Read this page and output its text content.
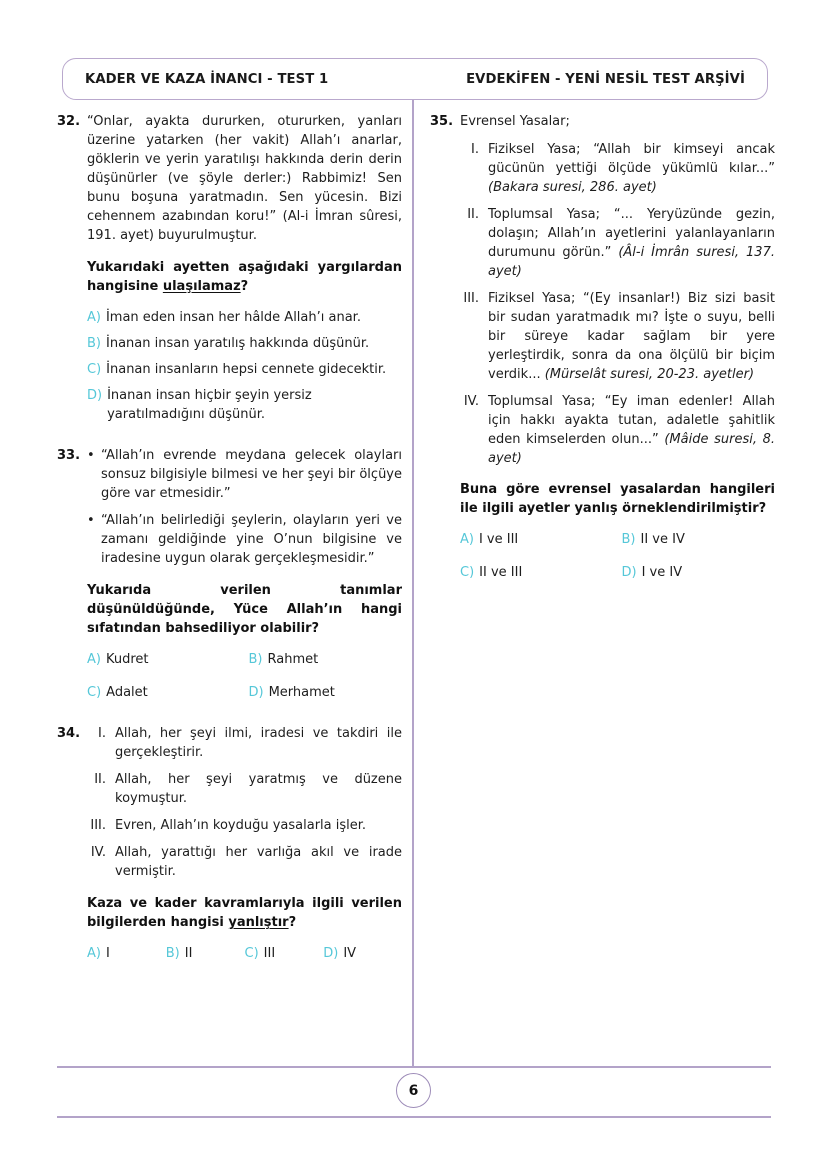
KADER VE KAZA İNANCI - TEST 1	EVDEKİFEN - YENİ NESİL TEST ARŞİVİ
32. “Onlar, ayakta dururken, otururken, yanları üzerine yatarken (her vakit) Allah’ı anarlar, göklerin ve yerin yaratılışı hakkında derin derin düşünürler (ve şöyle derler:) Rabbimiz! Sen bunu boşuna yaratmadın. Sen yücesin. Bizi cehennem azabından koru!” (Al-i İmran sûresi, 191. ayet) buyurulmuştur.

Yukarıdaki ayetten aşağıdaki yargılardan hangisine ulaşılamaz?

A) İman eden insan her hâlde Allah’ı anar.
B) İnanan insan yaratılış hakkında düşünür.
C) İnanan insanların hepsi cennete gidecektir.
D) İnanan insan hiçbir şeyin yersiz yaratılmadığını düşünür.
33. • “Allah’ın evrende meydana gelecek olayları sonsuz bilgisiyle bilmesi ve her şeyi bir ölçüye göre var etmesidir.”
• “Allah’ın belirlediği şeylerin, olayların yeri ve zamanı geldiğinde yine O’nun bilgisine ve iradesine uygun olarak gerçekleşmesidir.”

Yukarıda verilen tanımlar düşünüldüğünde, Yüce Allah’ın hangi sıfatından bahsediliyor olabilir?

A) Kudret	B) Rahmet
C) Adalet	D) Merhamet
34.	I. Allah, her şeyi ilmi, iradesi ve takdiri ile gerçekleştirir.
II. Allah, her şeyi yaratmış ve düzene koymuştur.
III. Evren, Allah’ın koyduğu yasalarla işler.
IV. Allah, yarattığı her varlığa akıl ve irade vermiştir.

Kaza ve kader kavramlarıyla ilgili verilen bilgilerden hangisi yanlıştır?

A) I	B) II	C) III	D) IV
35. Evrensel Yasalar;

I. Fiziksel Yasa; “Allah bir kimseyi ancak gücünün yettiği ölçüde yükümlü kılar...” (Bakara suresi, 286. ayet)
II. Toplumsal Yasa; “... Yeryüzünde gezin, dolaşın; Allah’ın ayetlerini yalanlayanların durumunu görün.” (Âl-i İmrân suresi, 137. ayet)
III. Fiziksel Yasa; “(Ey insanlar!) Biz sizi basit bir sudan yaratmadık mı? İşte o suyu, belli bir süreye kadar sağlam bir yere yerleştirdik, sonra da ona ölçülü bir biçim verdik... (Mürselât suresi, 20-23. ayetler)
IV. Toplumsal Yasa; “Ey iman edenler! Allah için hakkı ayakta tutan, adaletle şahitlik eden kimselerden olun...” (Mâide suresi, 8. ayet)

Buna göre evrensel yasalardan hangileri ile ilgili ayetler yanlış örneklendirilmiştir?

A) I ve III	B) II ve IV
C) II ve III	D) I ve IV
6
